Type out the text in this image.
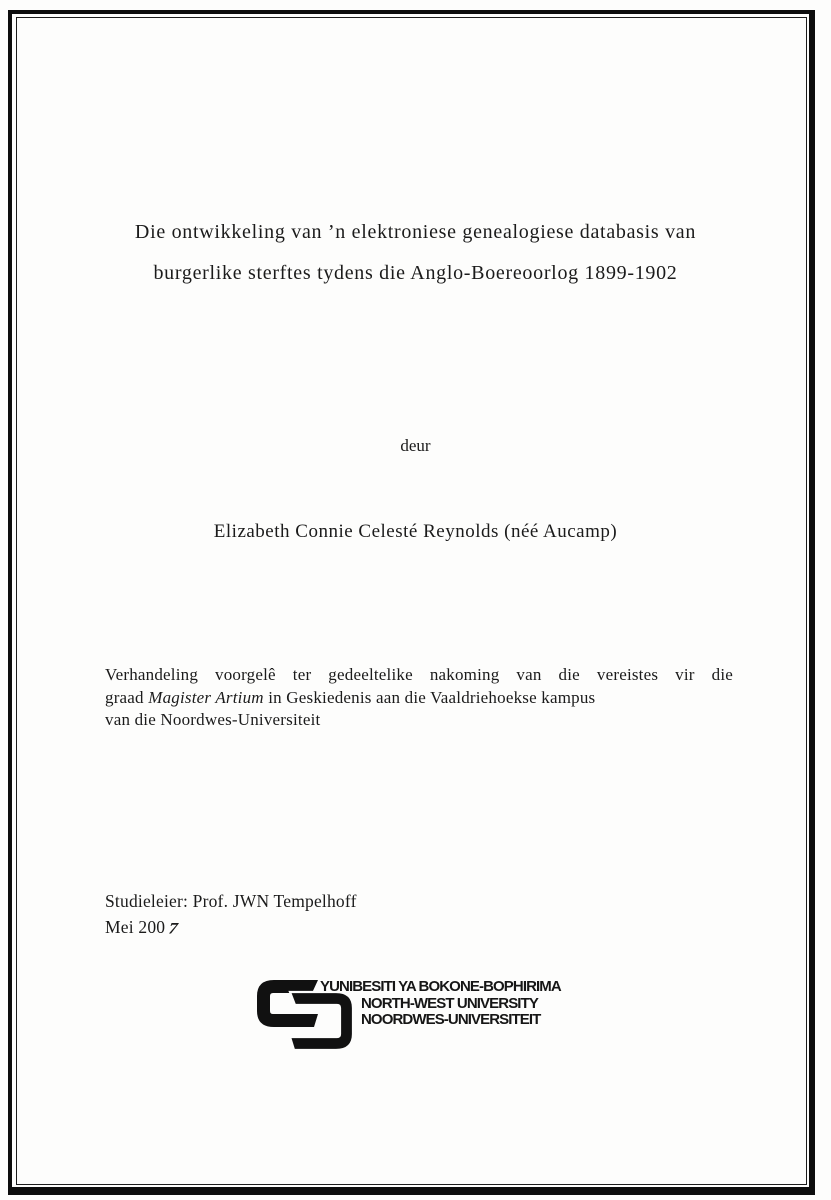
Die ontwikkeling van ’n elektroniese genealogiese databasis van
burgerlike sterftes tydens die Anglo-Boereoorlog 1899-1902

deur

Elizabeth Connie Celesté Reynolds (néé Aucamp)

Verhandeling voorgelê ter gedeeltelike nakoming van die vereistes vir die

graad Magister Artium in Geskiedenis aan die Vaaldriehoekse kampus

van die Noordwes-Universiteit

Studieleier: Prof. JWN Tempelhoff

Mei 2007

YUNIBESITI YA BOKONE-BOPHIRIMA
NORTH-WEST UNIVERSITY
NOORDWES-UNIVERSITEIT
